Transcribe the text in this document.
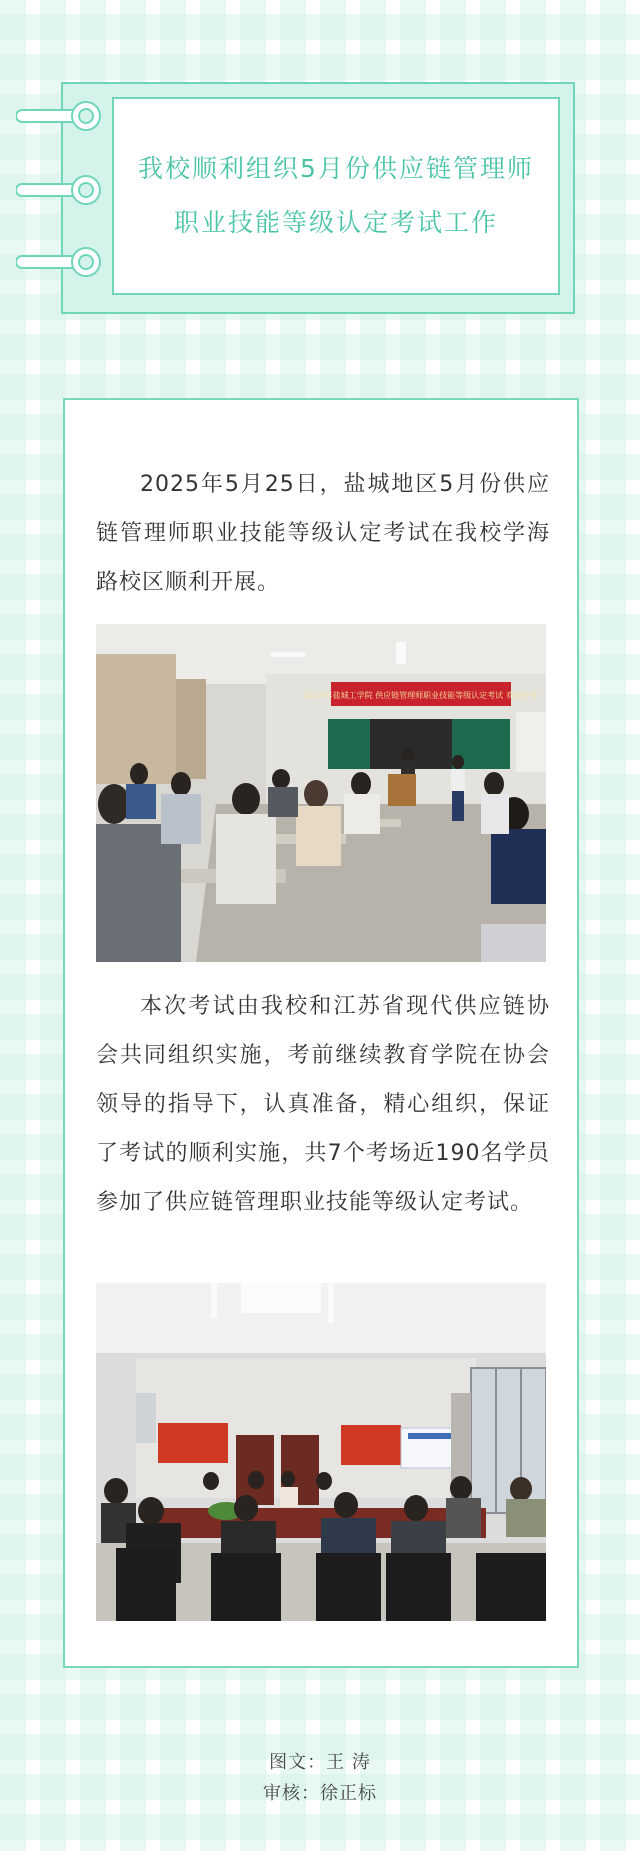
我校顺利组织5月份供应链管理师
职业技能等级认定考试工作

2025年5月25日，盐城地区5月份供应链管理师职业技能等级认定考试在我校学海路校区顺利开展。

2025年盐城工学院 供应链管理师职业技能等级认定考试 欢迎参考

本次考试由我校和江苏省现代供应链协会共同组织实施，考前继续教育学院在协会领导的指导下，认真准备，精心组织，保证了考试的顺利实施，共7个考场近190名学员参加了供应链管理职业技能等级认定考试。

图文：王 涛
审核：徐正标
